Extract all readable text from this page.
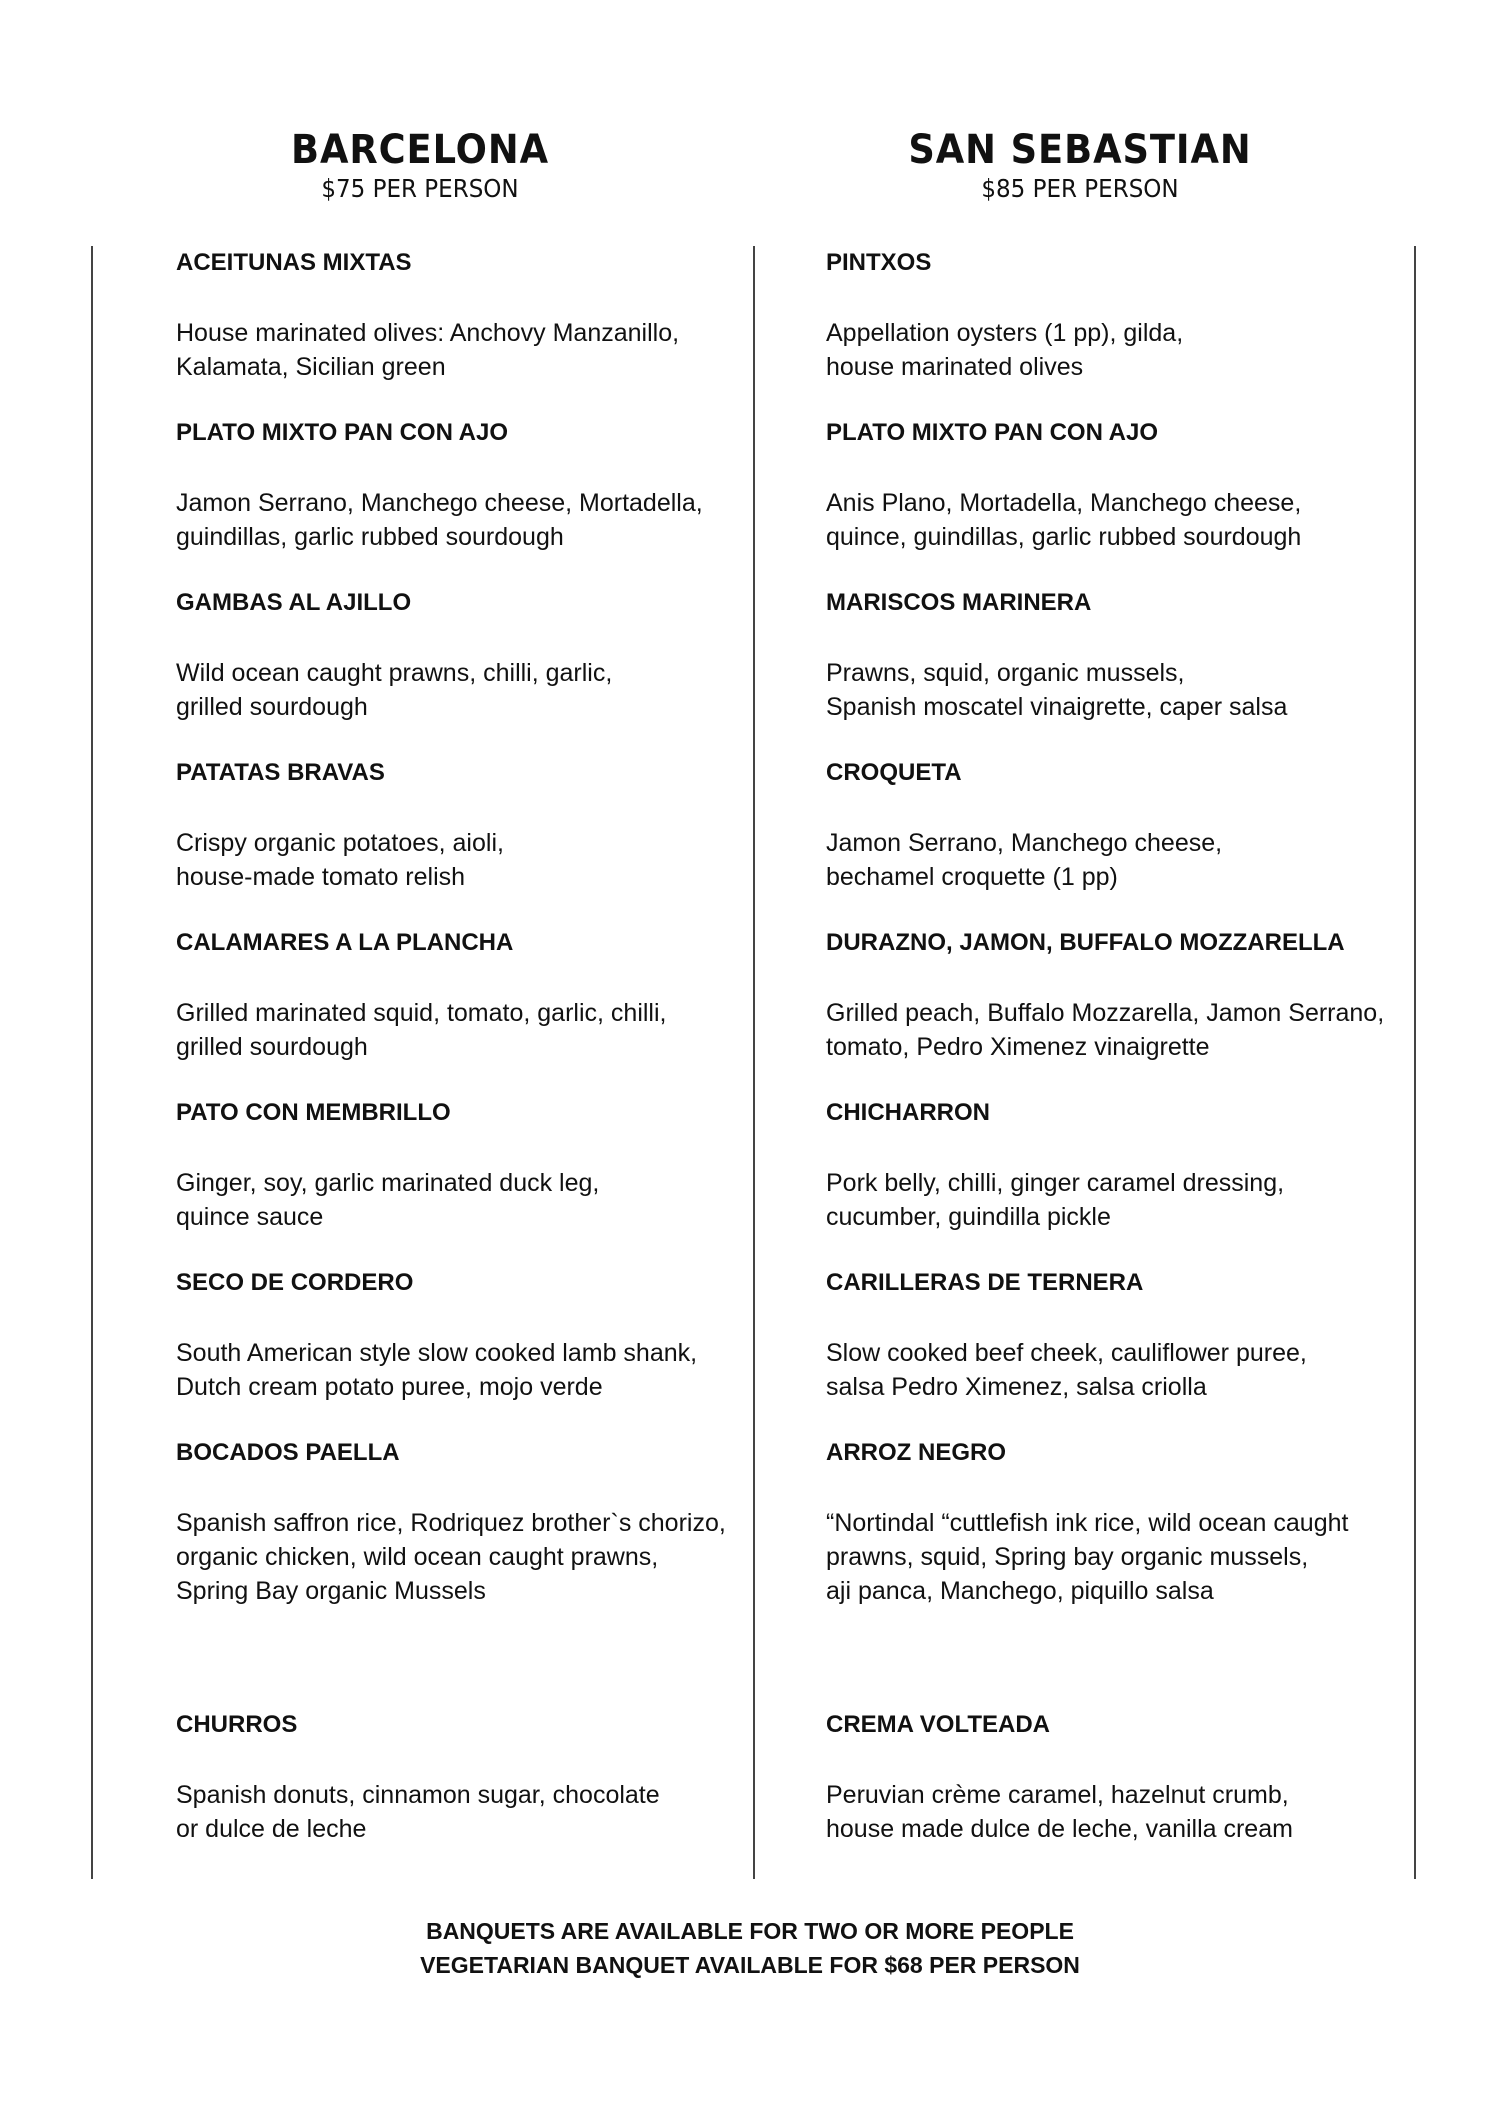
BARCELONA
$75 PER PERSON
SAN SEBASTIAN
$85 PER PERSON
ACEITUNAS MIXTAS
House marinated olives: Anchovy Manzanillo,
Kalamata, Sicilian green
PLATO MIXTO PAN CON AJO
Jamon Serrano, Manchego cheese, Mortadella,
guindillas, garlic rubbed sourdough
GAMBAS AL AJILLO
Wild ocean caught prawns, chilli, garlic,
grilled sourdough
PATATAS BRAVAS
Crispy organic potatoes, aioli,
house-made tomato relish
CALAMARES A LA PLANCHA
Grilled marinated squid, tomato, garlic, chilli,
grilled sourdough
PATO CON MEMBRILLO
Ginger, soy, garlic marinated duck leg,
quince sauce
SECO DE CORDERO
South American style slow cooked lamb shank,
Dutch cream potato puree, mojo verde
BOCADOS PAELLA
Spanish saffron rice, Rodriquez brother`s chorizo,
organic chicken, wild ocean caught prawns,
Spring Bay organic Mussels
CHURROS
Spanish donuts, cinnamon sugar, chocolate
or dulce de leche
PINTXOS
Appellation oysters (1 pp), gilda,
house marinated olives
PLATO MIXTO PAN CON AJO
Anis Plano, Mortadella, Manchego cheese,
quince, guindillas, garlic rubbed sourdough
MARISCOS MARINERA
Prawns, squid, organic mussels,
Spanish moscatel vinaigrette, caper salsa
CROQUETA
Jamon Serrano, Manchego cheese,
bechamel croquette (1 pp)
DURAZNO, JAMON, BUFFALO MOZZARELLA
Grilled peach, Buffalo Mozzarella, Jamon Serrano,
tomato, Pedro Ximenez vinaigrette
CHICHARRON
Pork belly, chilli, ginger caramel dressing,
cucumber, guindilla pickle
CARILLERAS DE TERNERA
Slow cooked beef cheek, cauliflower puree,
salsa Pedro Ximenez, salsa criolla
ARROZ NEGRO
“Nortindal “cuttlefish ink rice, wild ocean caught
prawns, squid, Spring bay organic mussels,
aji panca, Manchego, piquillo salsa
CREMA VOLTEADA
Peruvian crème caramel, hazelnut crumb,
house made dulce de leche, vanilla cream
BANQUETS ARE AVAILABLE FOR TWO OR MORE PEOPLE
VEGETARIAN BANQUET AVAILABLE FOR $68 PER PERSON
